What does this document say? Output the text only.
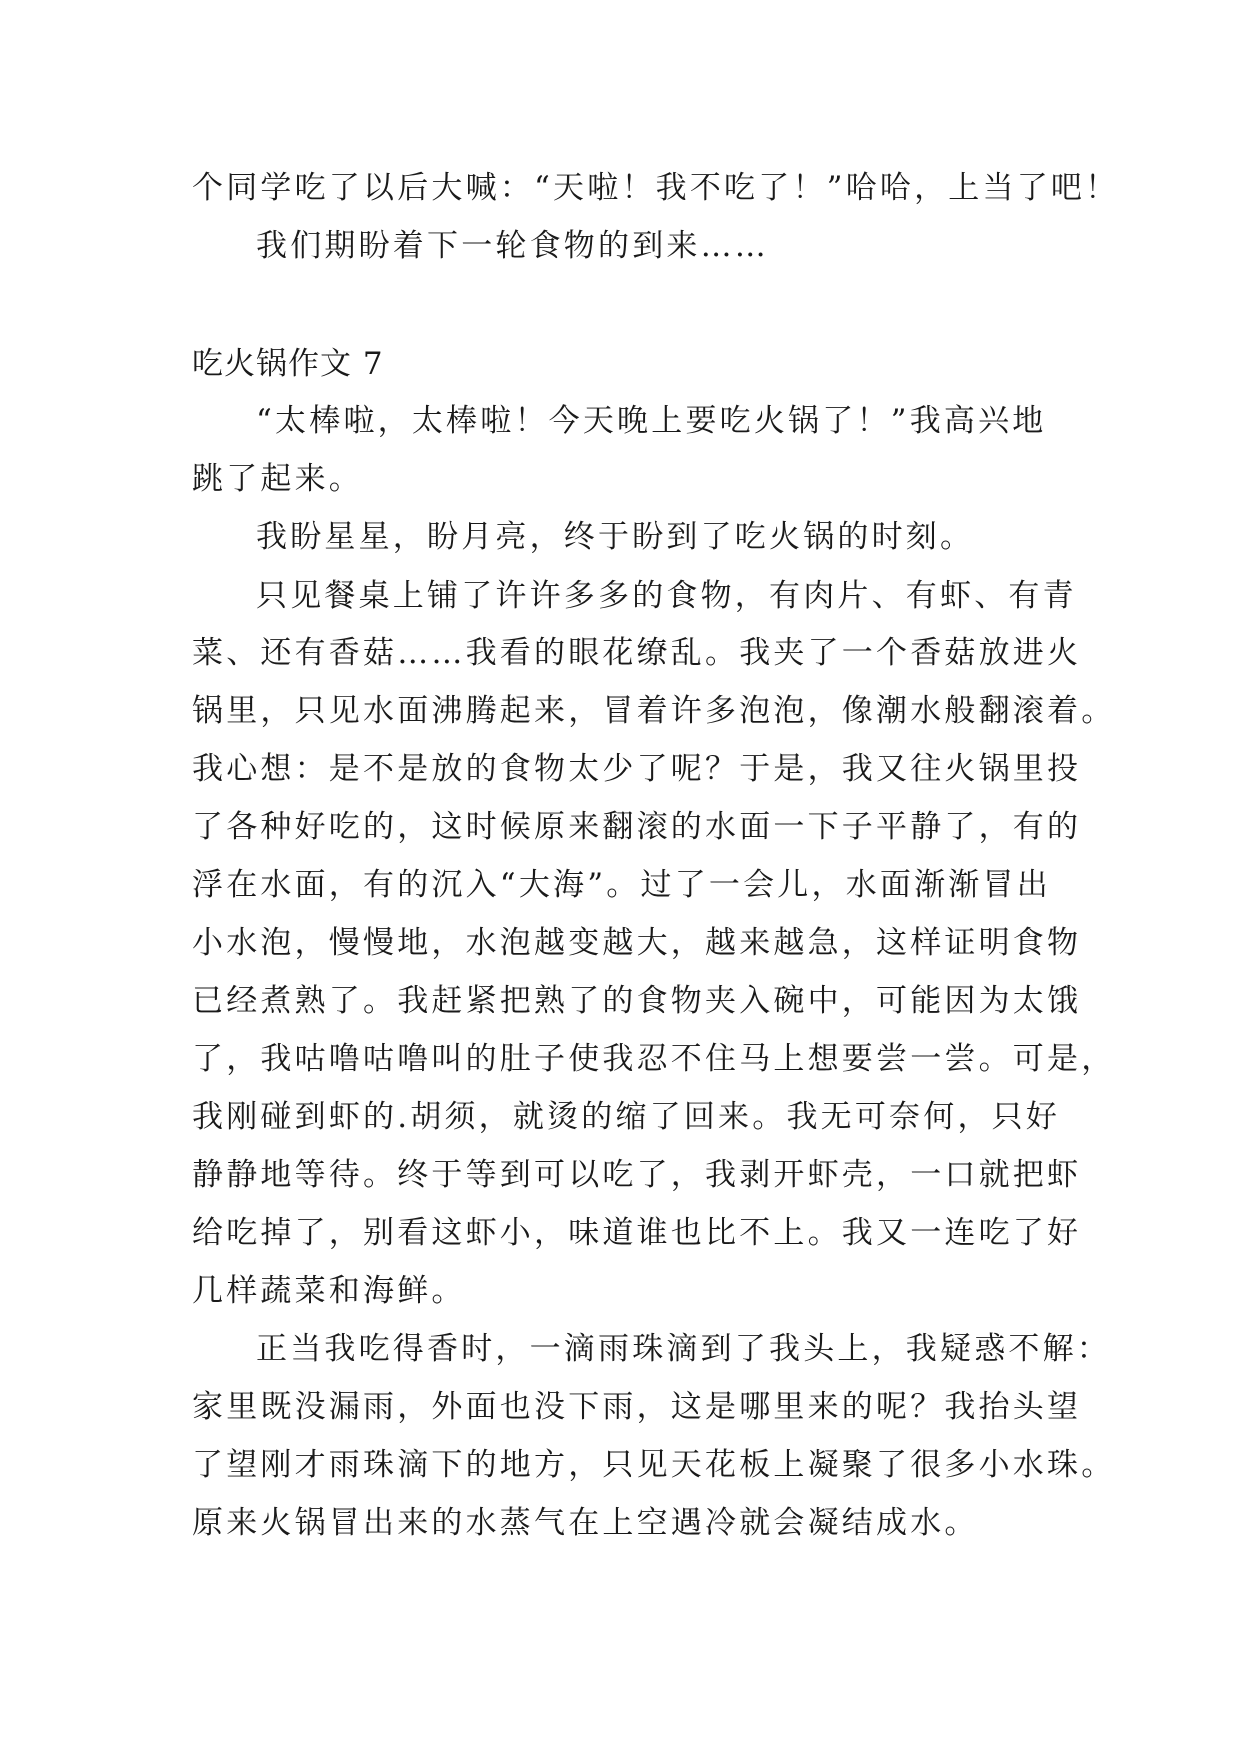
个同学吃了以后大喊：“天啦！我不吃了！”哈哈，上当了吧！
我们期盼着下一轮食物的到来……
吃火锅作文 7
“太棒啦，太棒啦！今天晚上要吃火锅了！”我高兴地
跳了起来。
我盼星星，盼月亮，终于盼到了吃火锅的时刻。
只见餐桌上铺了许许多多的食物，有肉片、有虾、有青
菜、还有香菇……我看的眼花缭乱。我夹了一个香菇放进火
锅里，只见水面沸腾起来，冒着许多泡泡，像潮水般翻滚着。
我心想：是不是放的食物太少了呢？于是，我又往火锅里投
了各种好吃的，这时候原来翻滚的水面一下子平静了，有的
浮在水面，有的沉入“大海”。过了一会儿，水面渐渐冒出
小水泡，慢慢地，水泡越变越大，越来越急，这样证明食物
已经煮熟了。我赶紧把熟了的食物夹入碗中，可能因为太饿
了，我咕噜咕噜叫的肚子使我忍不住马上想要尝一尝。可是，
我刚碰到虾的.胡须，就烫的缩了回来。我无可奈何，只好
静静地等待。终于等到可以吃了，我剥开虾壳，一口就把虾
给吃掉了，别看这虾小，味道谁也比不上。我又一连吃了好
几样蔬菜和海鲜。
正当我吃得香时，一滴雨珠滴到了我头上，我疑惑不解：
家里既没漏雨，外面也没下雨，这是哪里来的呢？我抬头望
了望刚才雨珠滴下的地方，只见天花板上凝聚了很多小水珠。
原来火锅冒出来的水蒸气在上空遇冷就会凝结成水。
